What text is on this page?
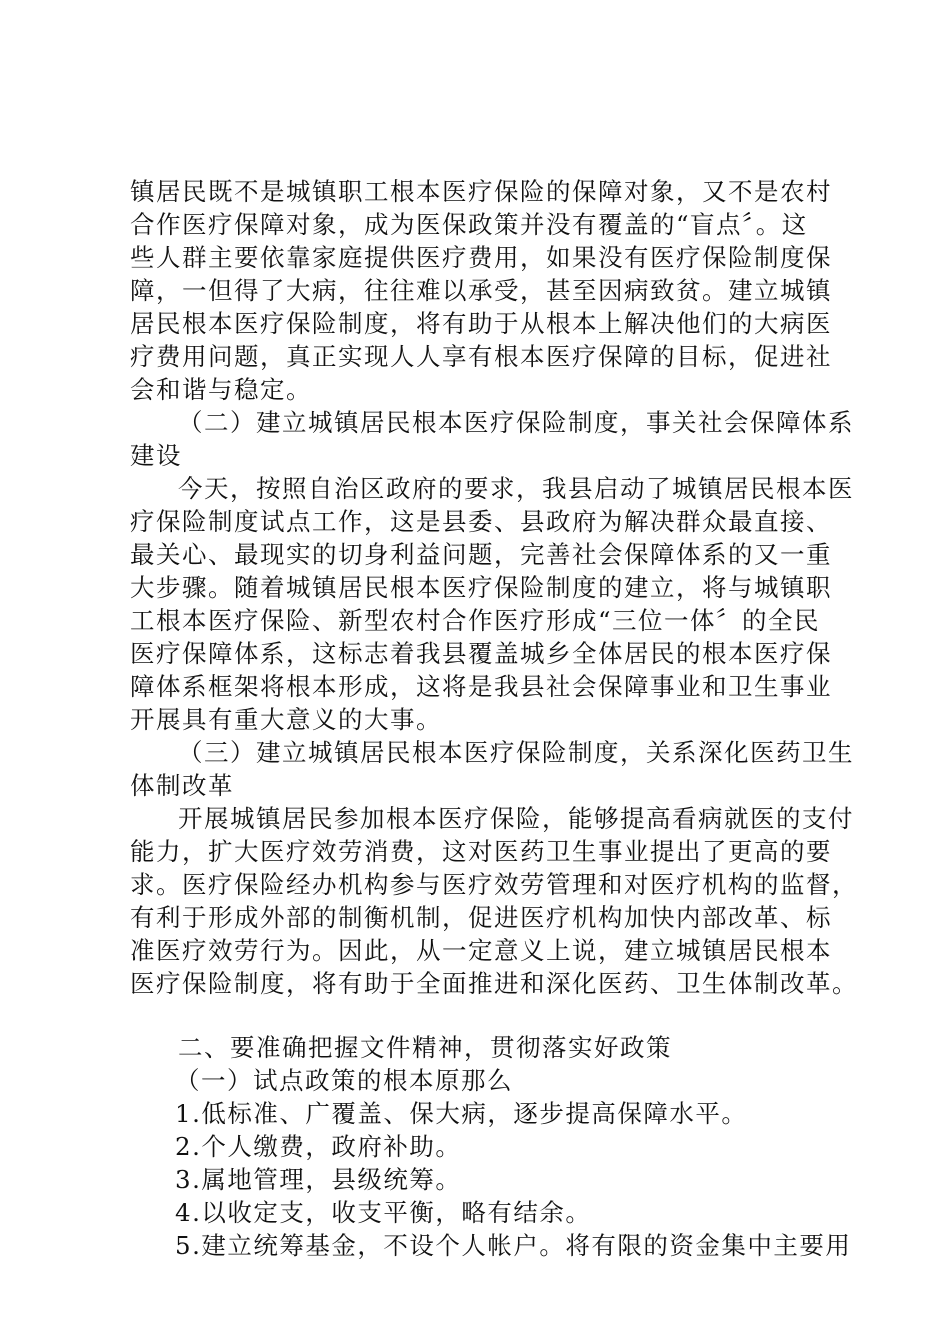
镇居民既不是城镇职工根本医疗保险的保障对象，又不是农村
合作医疗保障对象，成为医保政策并没有覆盖的“盲点〞。这
些人群主要依靠家庭提供医疗费用，如果没有医疗保险制度保
障，一但得了大病，往往难以承受，甚至因病致贫。建立城镇
居民根本医疗保险制度，将有助于从根本上解决他们的大病医
疗费用问题，真正实现人人享有根本医疗保障的目标，促进社
会和谐与稳定。
（二）建立城镇居民根本医疗保险制度，事关社会保障体系
建设
今天，按照自治区政府的要求，我县启动了城镇居民根本医
疗保险制度试点工作，这是县委、县政府为解决群众最直接、
最关心、最现实的切身利益问题，完善社会保障体系的又一重
大步骤。随着城镇居民根本医疗保险制度的建立，将与城镇职
工根本医疗保险、新型农村合作医疗形成“三位一体〞的全民
医疗保障体系，这标志着我县覆盖城乡全体居民的根本医疗保
障体系框架将根本形成，这将是我县社会保障事业和卫生事业
开展具有重大意义的大事。
（三）建立城镇居民根本医疗保险制度，关系深化医药卫生
体制改革
开展城镇居民参加根本医疗保险，能够提高看病就医的支付
能力，扩大医疗效劳消费，这对医药卫生事业提出了更高的要
求。医疗保险经办机构参与医疗效劳管理和对医疗机构的监督，
有利于形成外部的制衡机制，促进医疗机构加快内部改革、标
准医疗效劳行为。因此，从一定意义上说，建立城镇居民根本
医疗保险制度，将有助于全面推进和深化医药、卫生体制改革。
二、要准确把握文件精神，贯彻落实好政策
（一）试点政策的根本原那么
1.低标准、广覆盖、保大病，逐步提高保障水平。
2.个人缴费，政府补助。
3.属地管理，县级统筹。
4.以收定支，收支平衡，略有结余。
5.建立统筹基金，不设个人帐户。将有限的资金集中主要用
